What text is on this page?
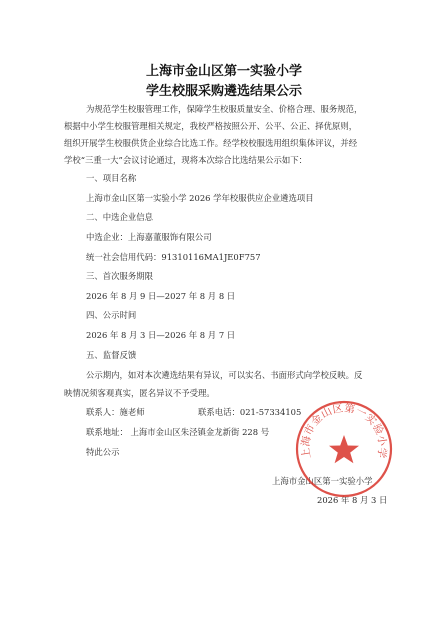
上海市金山区第一实验小学
学生校服采购遴选结果公示
为规范学生校服管理工作，保障学生校服质量安全、价格合理、服务规范，
根据中小学生校服管理相关规定，我校严格按照公开、公平、公正、择优原则，
组织开展学生校服供货企业综合比选工作。经学校校服选用组织集体评议，并经
学校“三重一大”会议讨论通过，现将本次综合比选结果公示如下：
一、项目名称
上海市金山区第一实验小学 2026 学年校服供应企业遴选项目
二、中选企业信息
中选企业：上海嘉董服饰有限公司
统一社会信用代码：91310116MA1JE0F757
三、首次服务期限
2026 年 8 月 9 日—2027 年 8 月 8 日
四、公示时间
2026 年 8 月 3 日—2026 年 8 月 7 日
五、监督反馈
公示期内，如对本次遴选结果有异议，可以实名、书面形式向学校反映。反
映情况须客观真实，匿名异议不予受理。
联系人：施老师	联系电话：021-57334105
联系地址： 上海市金山区朱泾镇金龙新街 228 号
特此公示
上海市金山区第一实验小学
2026 年 8 月 3 日
上海市金山区第一实验小学
